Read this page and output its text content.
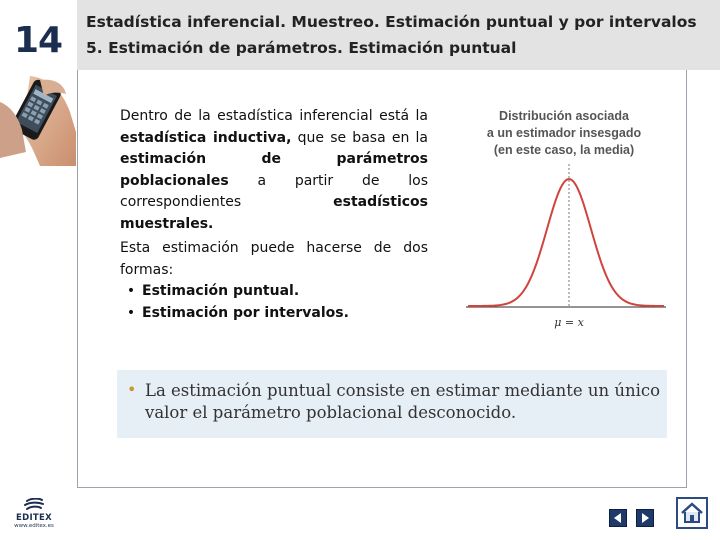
14 Estadística inferencial. Muestreo. Estimación puntual y por intervalos
5. Estimación de parámetros. Estimación puntual
Dentro de la estadística inferencial está la estadística inductiva, que se basa en la estimación de parámetros poblacionales a partir de los correspondientes estadísticos muestrales.
Esta estimación puede hacerse de dos formas:
• Estimación puntual.
• Estimación por intervalos.
Distribución asociada
a un estimador insesgado
(en este caso, la media)
μ = x
• La estimación puntual consiste en estimar mediante un único valor el parámetro poblacional desconocido.
EDITEX
www.editex.es
